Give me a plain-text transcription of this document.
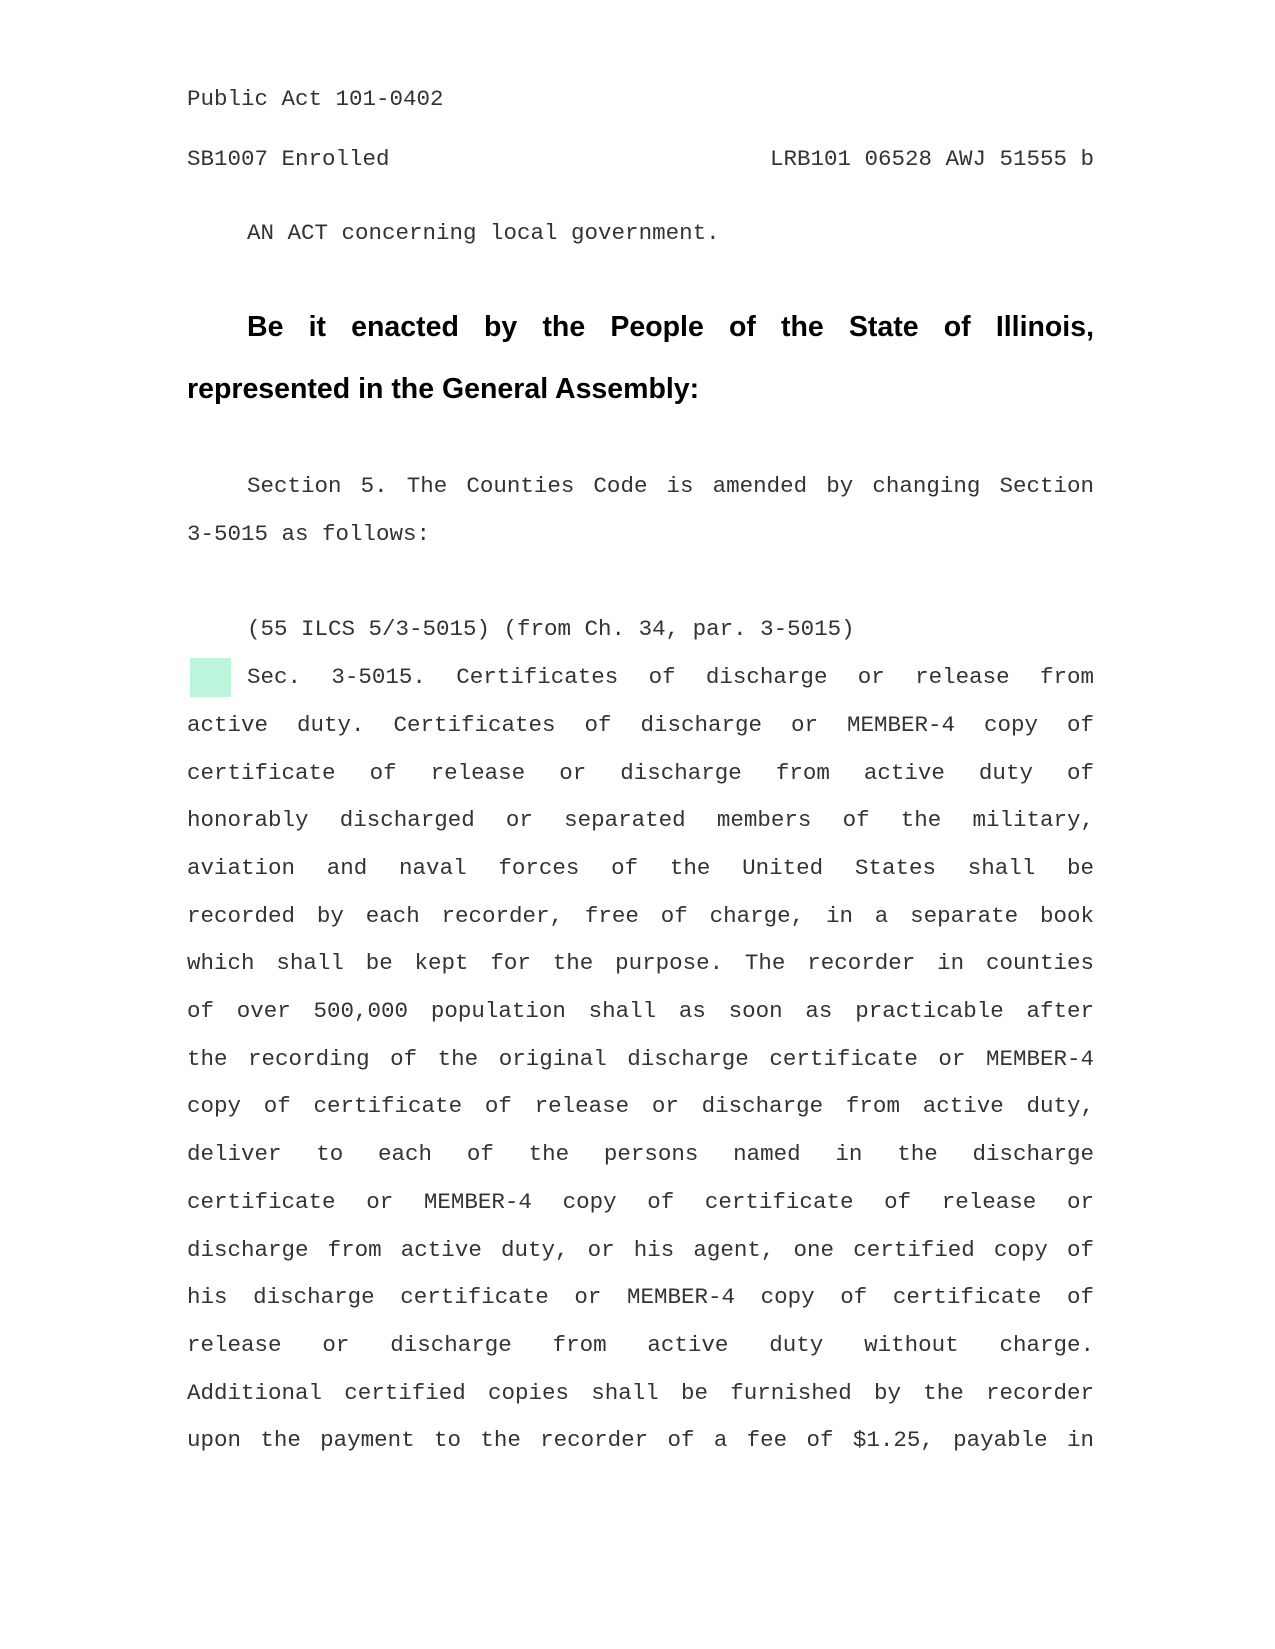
Public Act 101-0402
SB1007 Enrolled	LRB101 06528 AWJ 51555 b
AN ACT concerning local government.
Be it enacted by the People of the State of Illinois,
represented in the General Assembly:
Section 5. The Counties Code is amended by changing Section
3-5015 as follows:
(55 ILCS 5/3-5015) (from Ch. 34, par. 3-5015)
Sec. 3-5015. Certificates of discharge or release from
active duty. Certificates of discharge or MEMBER-4 copy of
certificate of release or discharge from active duty of
honorably discharged or separated members of the military,
aviation and naval forces of the United States shall be
recorded by each recorder, free of charge, in a separate book
which shall be kept for the purpose. The recorder in counties
of over 500,000 population shall as soon as practicable after
the recording of the original discharge certificate or MEMBER-4
copy of certificate of release or discharge from active duty,
deliver to each of the persons named in the discharge
certificate or MEMBER-4 copy of certificate of release or
discharge from active duty, or his agent, one certified copy of
his discharge certificate or MEMBER-4 copy of certificate of
release or discharge from active duty without charge.
Additional certified copies shall be furnished by the recorder
upon the payment to the recorder of a fee of $1.25, payable in
